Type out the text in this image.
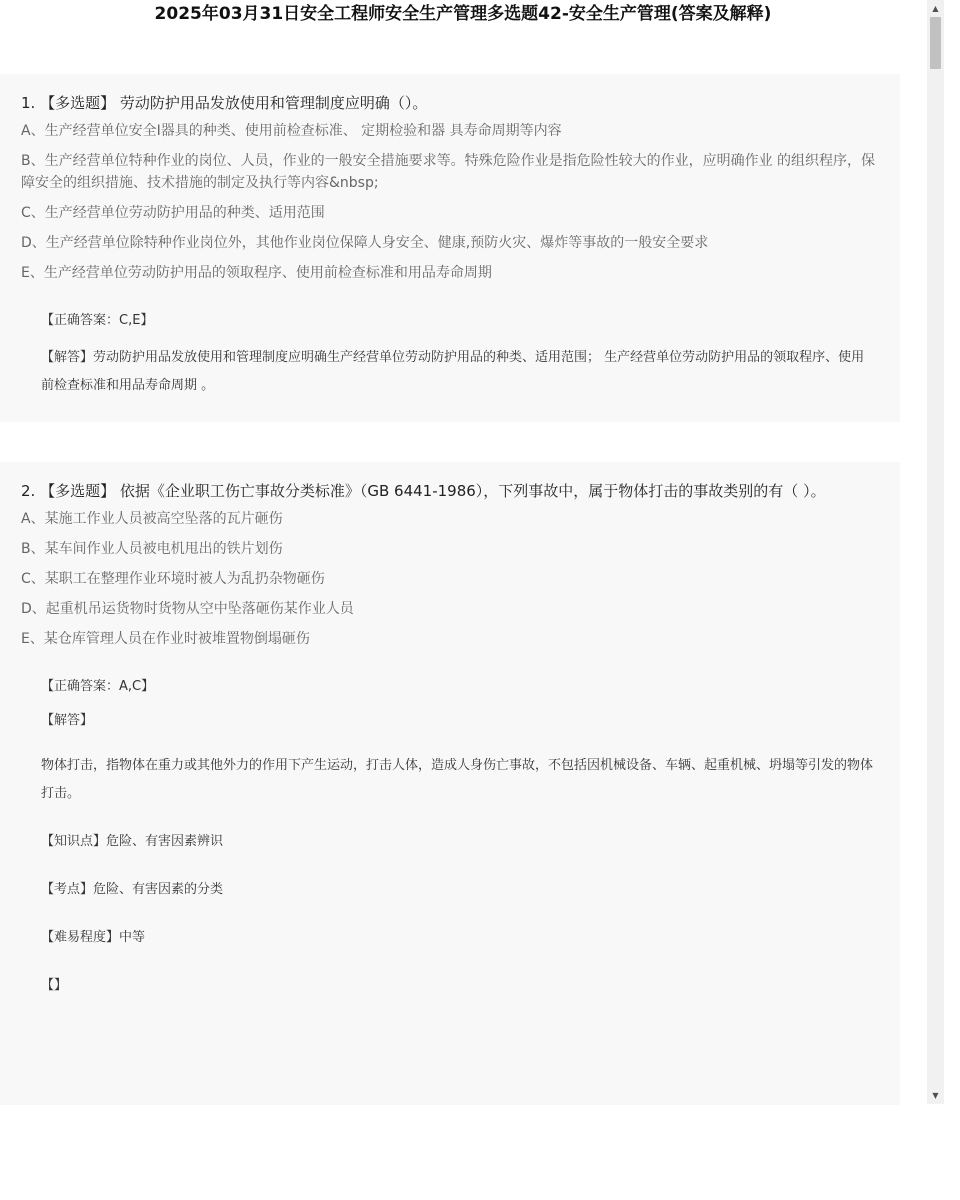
2025年03月31日安全工程师安全生产管理多选题42-安全生产管理(答案及解释)

1. 【多选题】 劳动防护用品发放使用和管理制度应明确（）。

A、生产经营单位安全I器具的种类、使用前检查标准、 定期检验和器 具寿命周期等内容

B、生产经营单位特种作业的岗位、人员，作业的一般安全措施要求等。特殊危险作业是指危险性较大的作业，应明确作业 的组织程序，保障安全的组织措施、技术措施的制定及执行等内容&nbsp;

C、生产经营单位劳动防护用品的种类、适用范围

D、生产经营单位除特种作业岗位外，其他作业岗位保障人身安全、健康,预防火灾、爆炸等事故的一般安全要求

E、生产经营单位劳动防护用品的领取程序、使用前检查标准和用品寿命周期

【正确答案：C,E】

【解答】劳动防护用品发放使用和管理制度应明确生产经营单位劳动防护用品的种类、适用范围； 生产经营单位劳动防护用品的领取程序、使用前检查标准和用品寿命周期 。

2. 【多选题】 依据《企业职工伤亡事故分类标准》（GB 6441-1986），下列事故中，属于物体打击的事故类别的有（ ）。

A、某施工作业人员被高空坠落的瓦片砸伤

B、某车间作业人员被电机甩出的铁片划伤

C、某职工在整理作业环境时被人为乱扔杂物砸伤

D、起重机吊运货物时货物从空中坠落砸伤某作业人员

E、某仓库管理人员在作业时被堆置物倒塌砸伤

【正确答案：A,C】

【解答】

物体打击，指物体在重力或其他外力的作用下产生运动，打击人体，造成人身伤亡事故，不包括因机械设备、车辆、起重机械、坍塌等引发的物体打击。

【知识点】危险、有害因素辨识

【考点】危险、有害因素的分类

【难易程度】中等

【】

▲
▼
